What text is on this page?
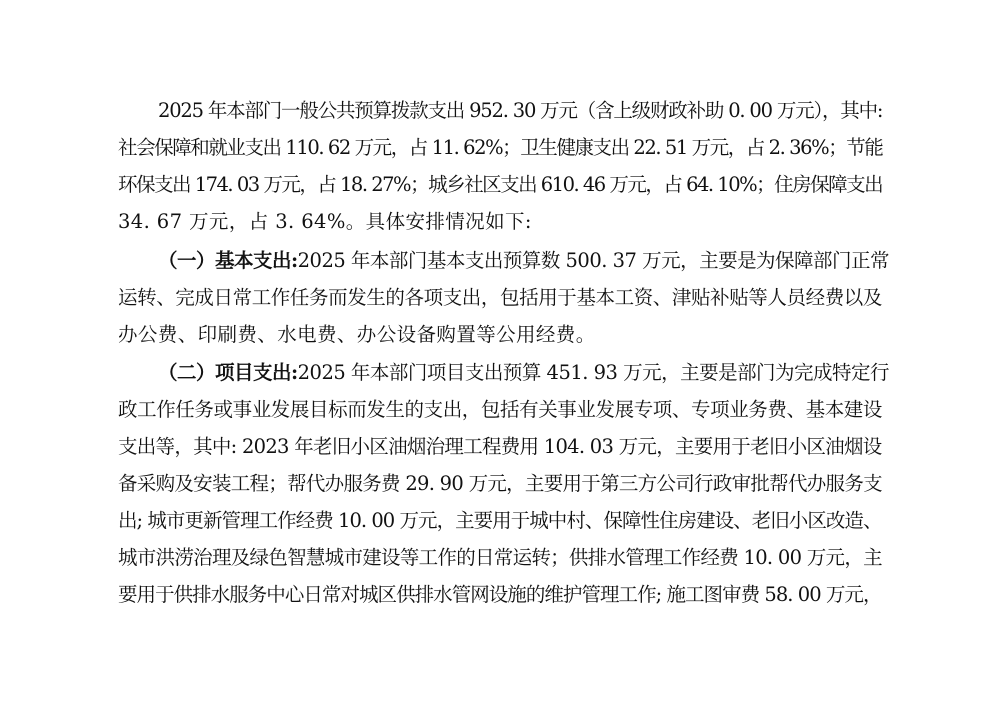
2025 年本部门一般公共预算拨款支出 952. 30 万元（含上级财政补助 0. 00 万元），其中:
社会保障和就业支出 110. 62 万元，占 11. 62%；卫生健康支出 22. 51 万元，占 2. 36%；节能
环保支出 174. 03 万元，占 18. 27%；城乡社区支出 610. 46 万元，占 64. 10%；住房保障支出
34. 67 万元，占 3. 64%。具体安排情况如下:
（一）基本支出:2025 年本部门基本支出预算数 500. 37 万元，主要是为保障部门正常
运转、完成日常工作任务而发生的各项支出，包括用于基本工资、津贴补贴等人员经费以及
办公费、印刷费、水电费、办公设备购置等公用经费。
（二）项目支出:2025 年本部门项目支出预算 451. 93 万元，主要是部门为完成特定行
政工作任务或事业发展目标而发生的支出，包括有关事业发展专项、专项业务费、基本建设
支出等，其中: 2023 年老旧小区油烟治理工程费用 104. 03 万元，主要用于老旧小区油烟设
备采购及安装工程；帮代办服务费 29. 90 万元，主要用于第三方公司行政审批帮代办服务支
出; 城市更新管理工作经费 10. 00 万元，主要用于城中村、保障性住房建设、老旧小区改造、
城市洪涝治理及绿色智慧城市建设等工作的日常运转；供排水管理工作经费 10. 00 万元，主
要用于供排水服务中心日常对城区供排水管网设施的维护管理工作; 施工图审费 58. 00 万元，
